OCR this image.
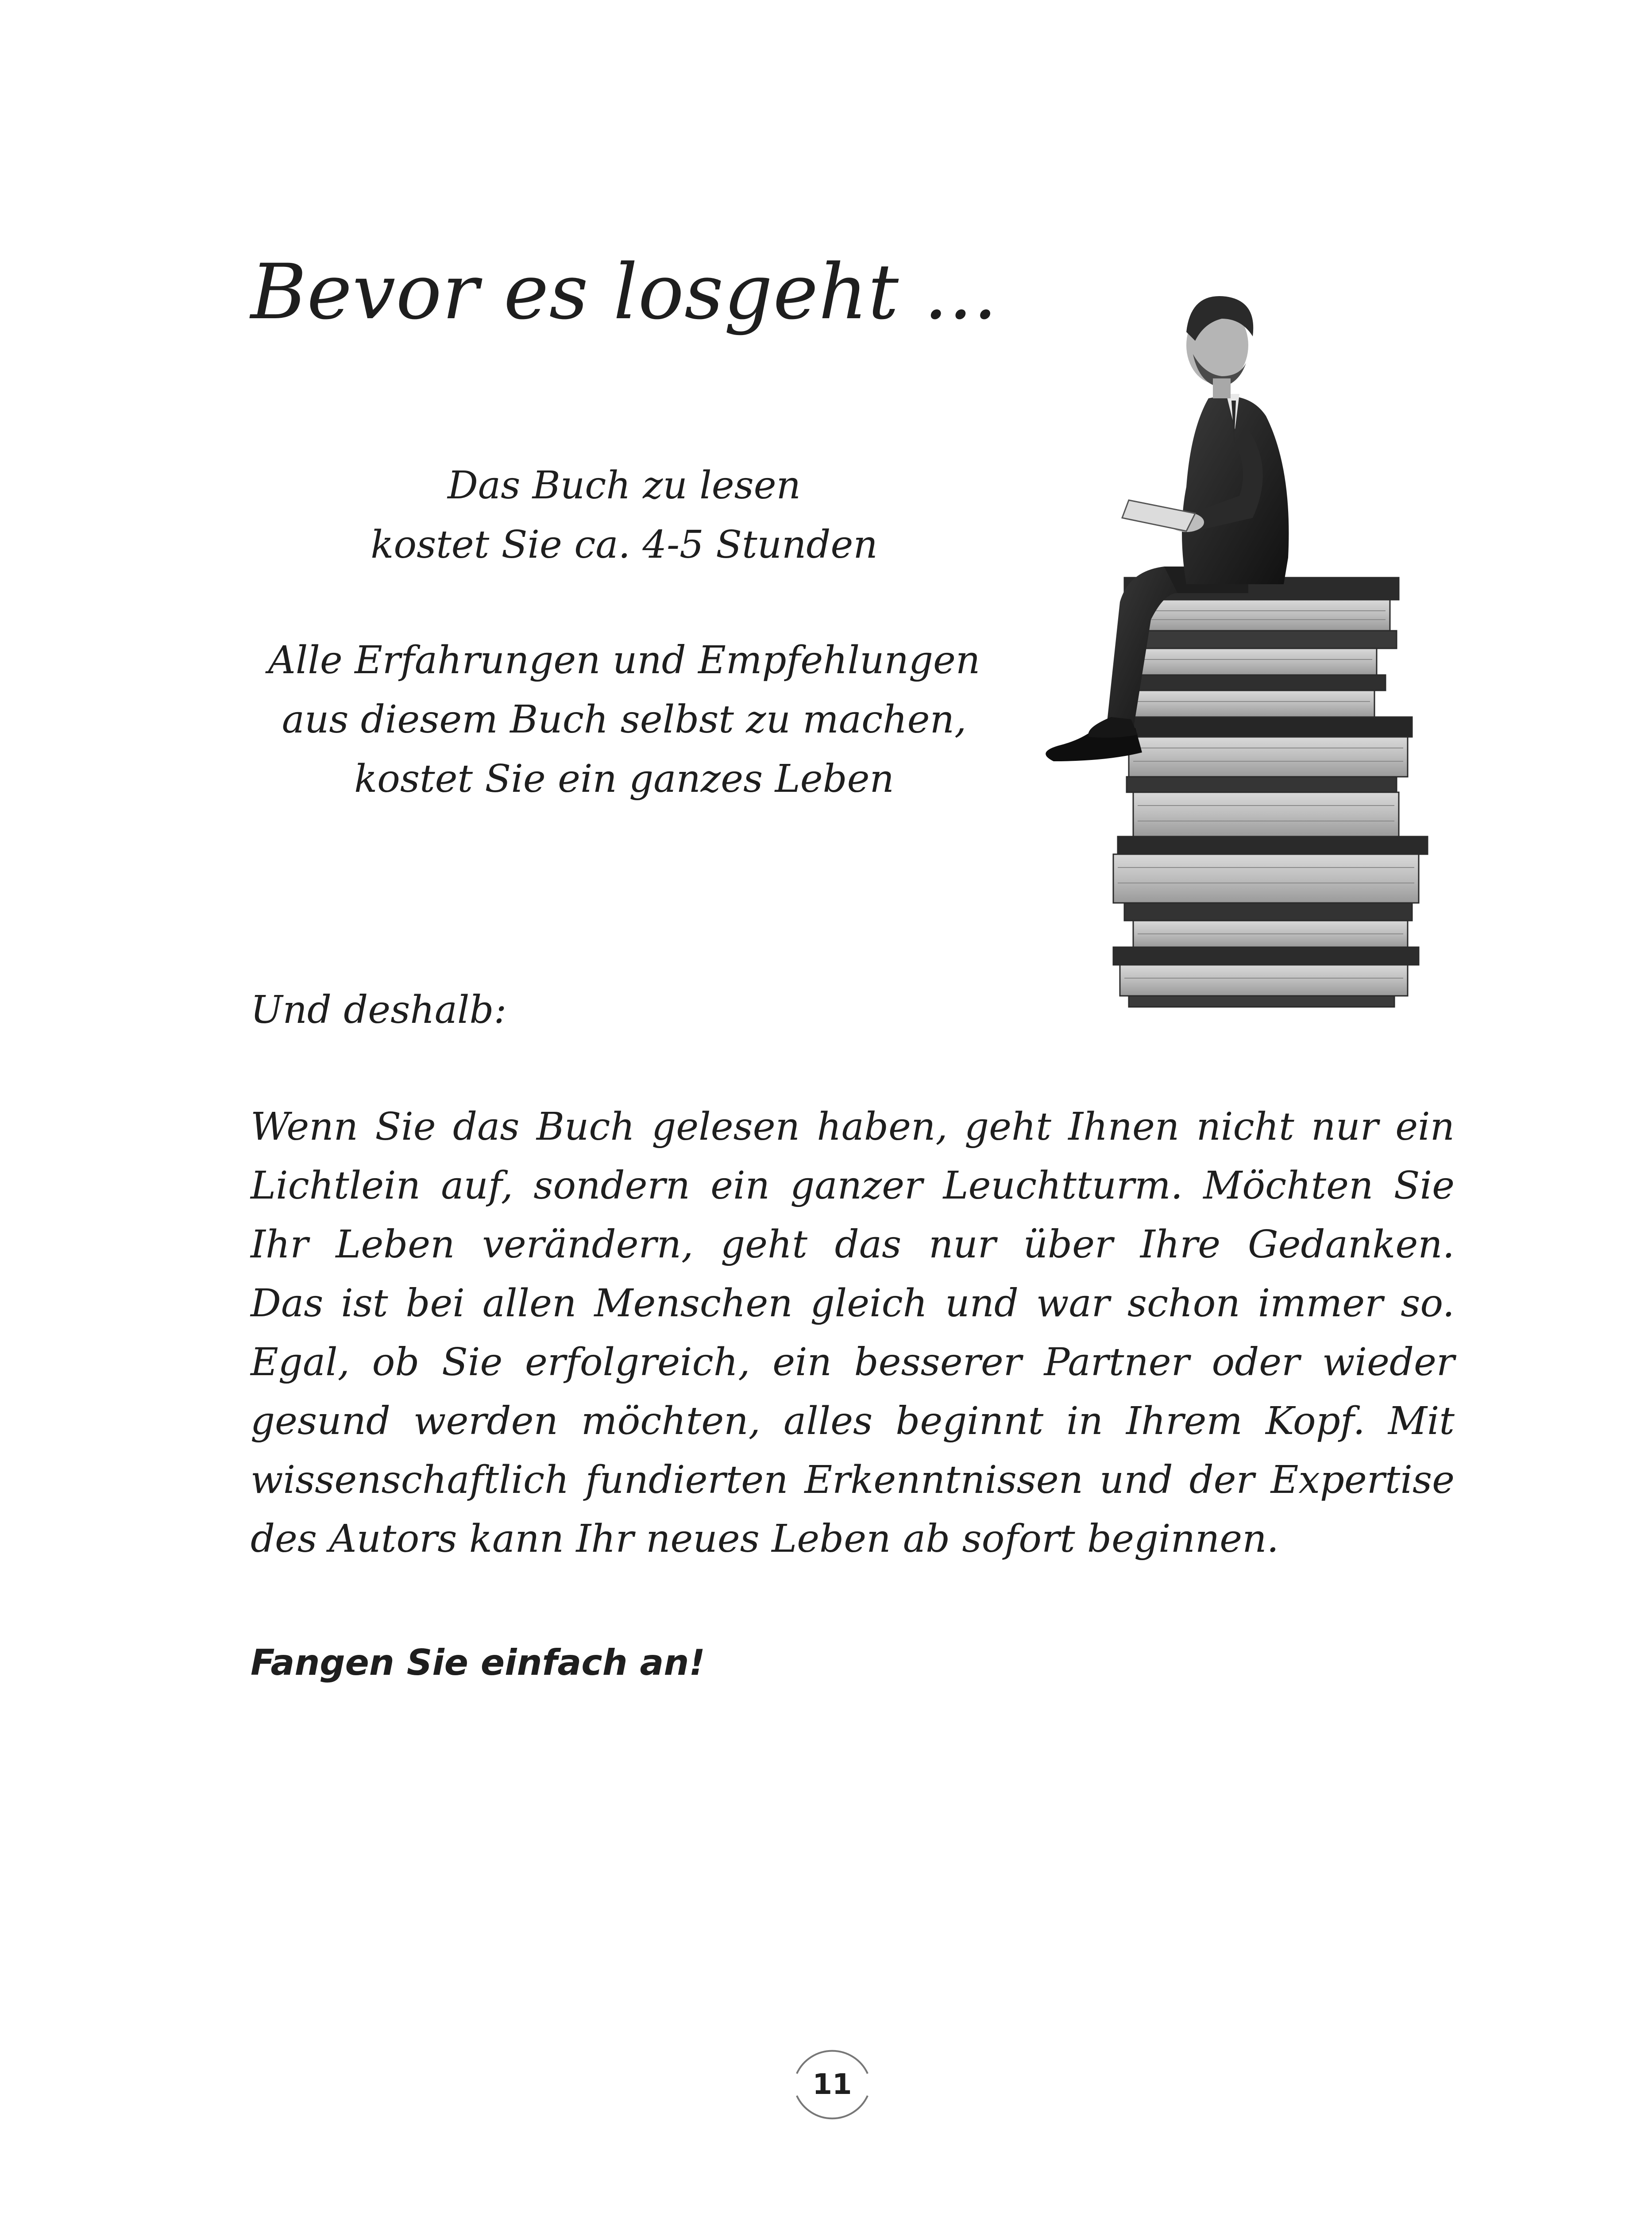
Bevor es losgeht ...
Das Buch zu lesen
kostet Sie ca. 4-5 Stunden
Alle Erfahrungen und Empfehlungen
aus diesem Buch selbst zu machen,
kostet Sie ein ganzes Leben
Und deshalb:
Wenn Sie das Buch gelesen haben, geht Ihnen nicht nur ein
Lichtlein auf, sondern ein ganzer Leuchtturm. Möchten Sie
Ihr Leben verändern, geht das nur über Ihre Gedanken.
Das ist bei allen Menschen gleich und war schon immer so.
Egal, ob Sie erfolgreich, ein besserer Partner oder wieder
gesund werden möchten, alles beginnt in Ihrem Kopf. Mit
wissenschaftlich fundierten Erkenntnissen und der Expertise
des Autors kann Ihr neues Leben ab sofort beginnen.
Fangen Sie einfach an!
11
